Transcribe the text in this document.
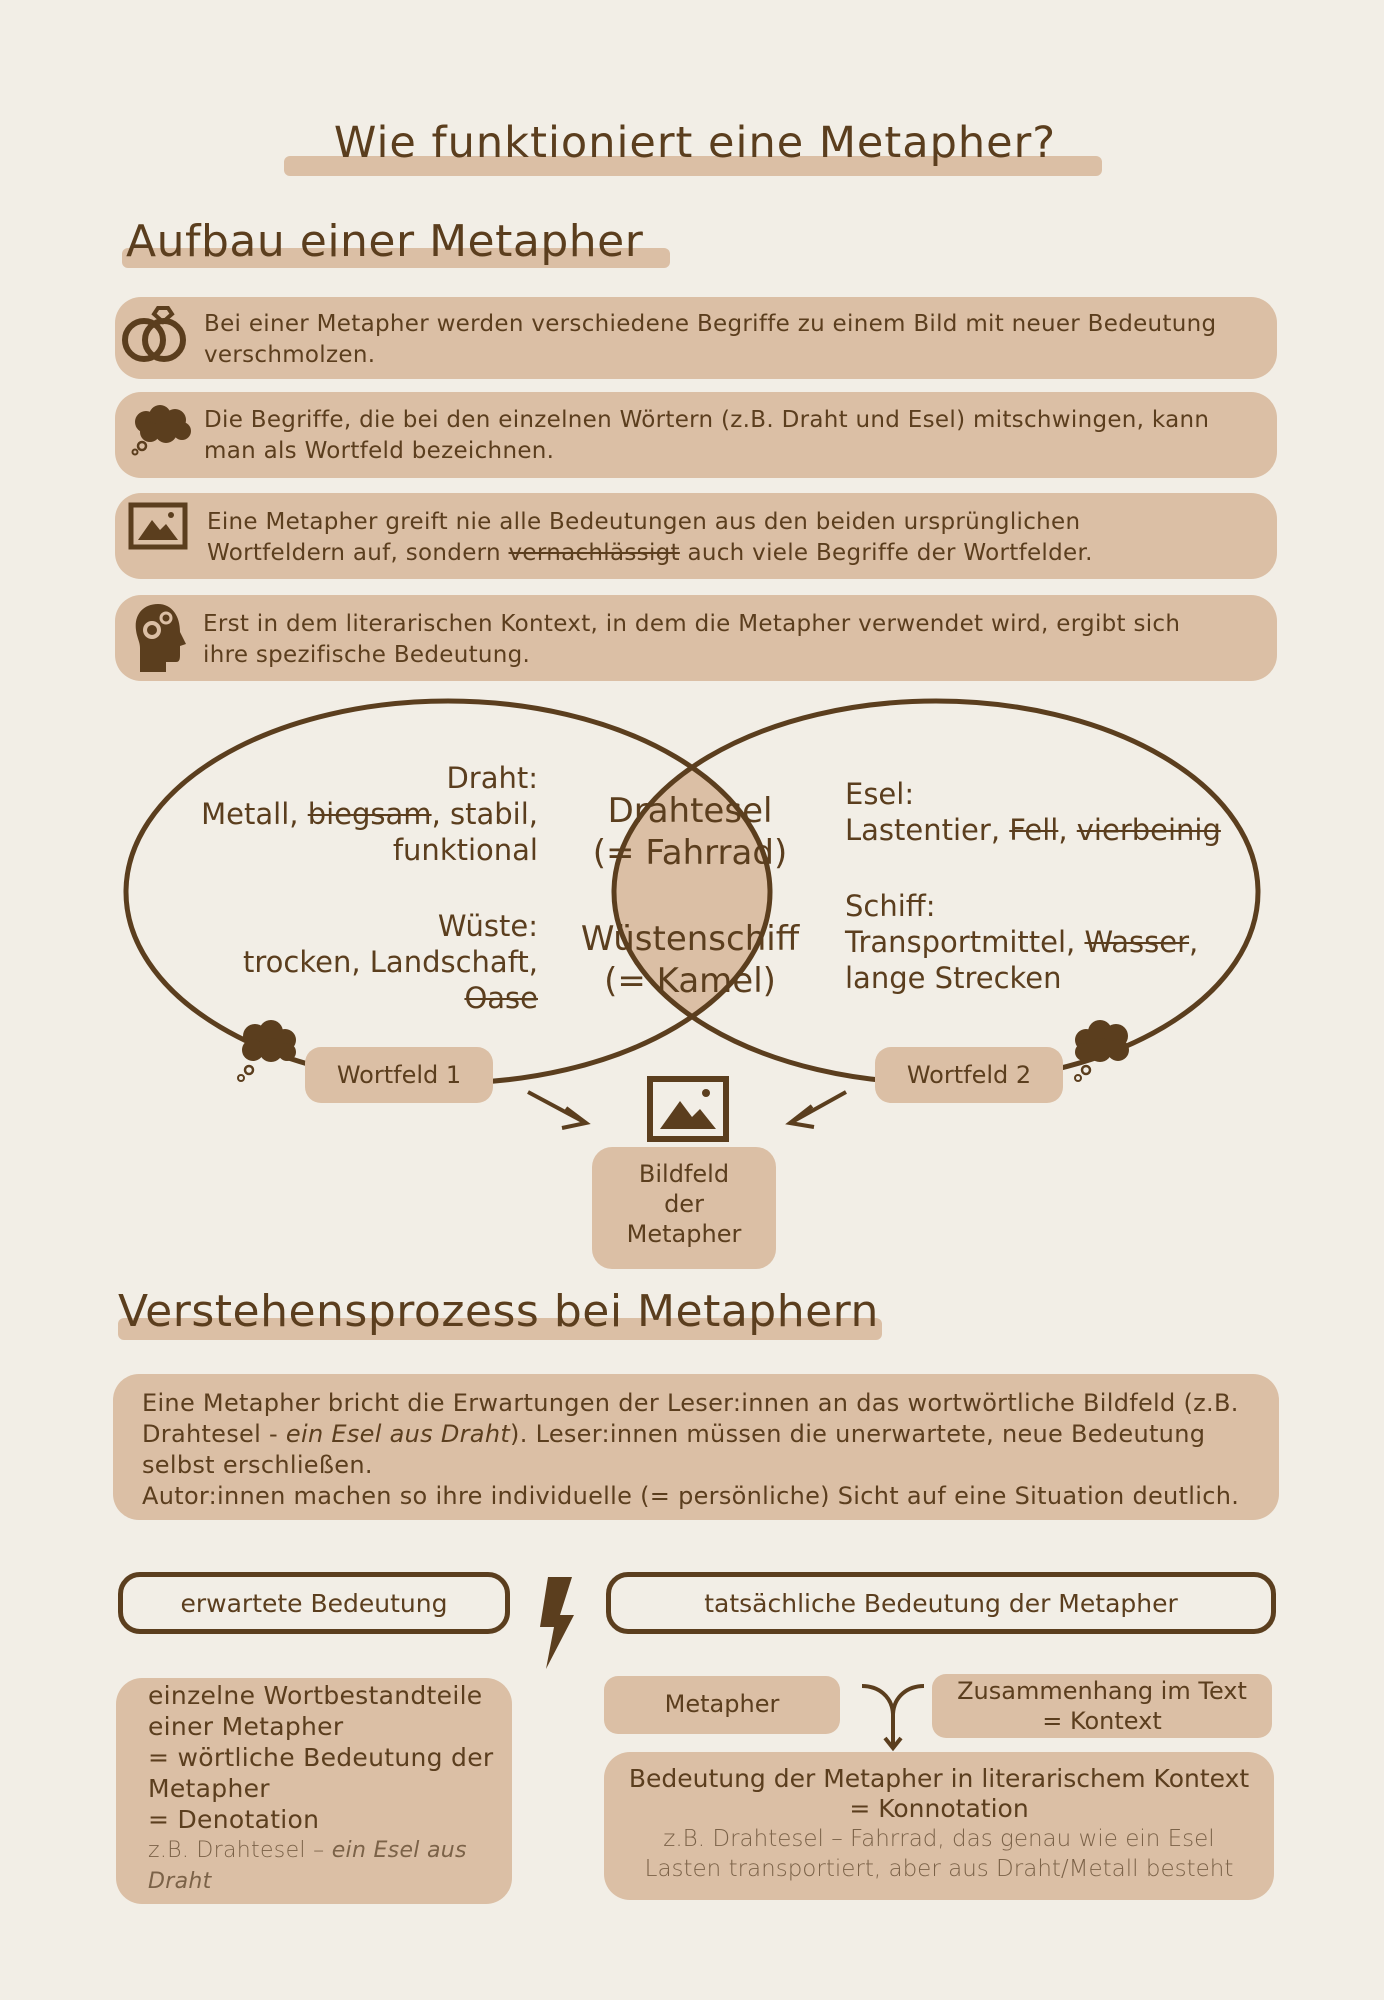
Wie funktioniert eine Metapher?
Aufbau einer Metapher
Bei einer Metapher werden verschiedene Begriffe zu einem Bild mit neuer Bedeutung
verschmolzen.
Die Begriffe, die bei den einzelnen Wörtern (z.B. Draht und Esel) mitschwingen, kann
man als Wortfeld bezeichnen.
Eine Metapher greift nie alle Bedeutungen aus den beiden ursprünglichen
Wortfeldern auf, sondern vernachlässigt auch viele Begriffe der Wortfelder.
Erst in dem literarischen Kontext, in dem die Metapher verwendet wird, ergibt sich
ihre spezifische Bedeutung.
Draht:
Metall, biegsam, stabil,
funktional
Wüste:
trocken, Landschaft,
Oase
Drahtesel
(= Fahrrad)
Wüstenschiff
(= Kamel)
Esel:
Lastentier, Fell, vierbeinig
Schiff:
Transportmittel, Wasser,
lange Strecken
Wortfeld 1	Wortfeld 2
Bildfeld
der
Metapher
Verstehensprozess bei Metaphern
Eine Metapher bricht die Erwartungen der Leser:innen an das wortwörtliche Bildfeld (z.B.
Drahtesel - ein Esel aus Draht). Leser:innen müssen die unerwartete, neue Bedeutung
selbst erschließen.
Autor:innen machen so ihre individuelle (= persönliche) Sicht auf eine Situation deutlich.
erwartete Bedeutung	tatsächliche Bedeutung der Metapher
einzelne Wortbestandteile
einer Metapher
= wörtliche Bedeutung der
Metapher
= Denotation
z.B. Drahtesel – ein Esel aus
Draht
Metapher	Zusammenhang im Text
= Kontext
Bedeutung der Metapher in literarischem Kontext
= Konnotation
z.B. Drahtesel – Fahrrad, das genau wie ein Esel
Lasten transportiert, aber aus Draht/Metall besteht
